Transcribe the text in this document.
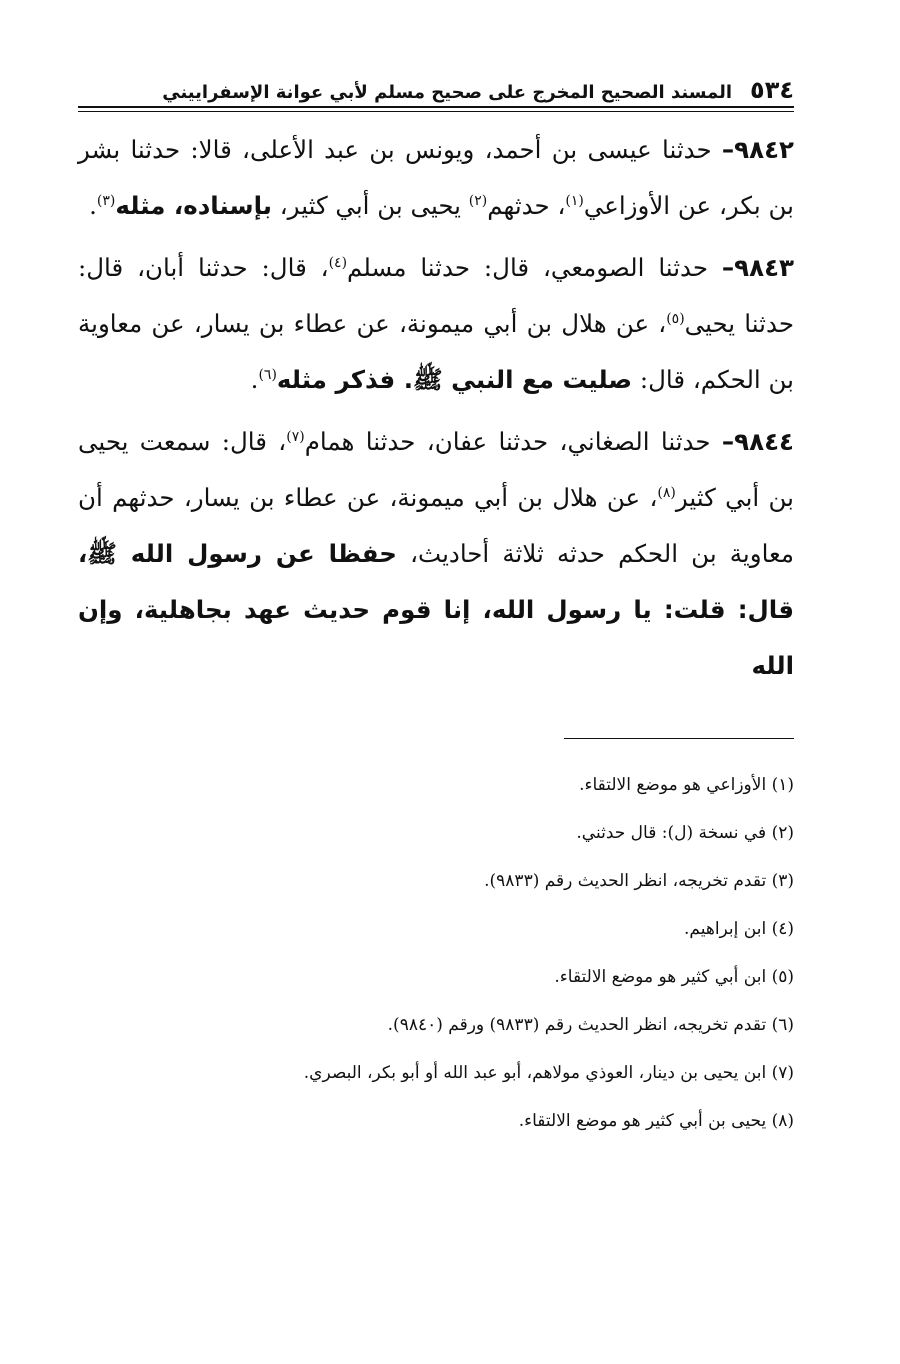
٥٣٤
المسند الصحيح المخرج على صحيح مسلم لأبي عوانة الإسفراييني

٩٨٤٢– حدثنا عيسى بن أحمد، ويونس بن عبد الأعلى، قالا: حدثنا بشر بن بكر، عن الأوزاعي$^{(١)}$، حدثهم$^{(٢)}$ يحيى بن أبي كثير، بإسناده، مثله$^{(٣)}$.

٩٨٤٣– حدثنا الصومعي، قال: حدثنا مسلم$^{(٤)}$، قال: حدثنا أبان، قال: حدثنا يحيى$^{(٥)}$، عن هلال بن أبي ميمونة، عن عطاء بن يسار، عن معاوية بن الحكم، قال: صليت مع النبي ﷺ. فذكر مثله$^{(٦)}$.

٩٨٤٤– حدثنا الصغاني، حدثنا عفان، حدثنا همام$^{(٧)}$، قال: سمعت يحيى بن أبي كثير$^{(٨)}$، عن هلال بن أبي ميمونة، عن عطاء بن يسار، حدثهم أن معاوية بن الحكم حدثه ثلاثة أحاديث، حفظا عن رسول الله ﷺ، قال: قلت: يا رسول الله، إنا قوم حديث عهد بجاهلية، وإن الله

(١) الأوزاعي هو موضع الالتقاء.
(٢) في نسخة (ل): قال حدثني.
(٣) تقدم تخريجه، انظر الحديث رقم (٩٨٣٣).
(٤) ابن إبراهيم.
(٥) ابن أبي كثير هو موضع الالتقاء.
(٦) تقدم تخريجه، انظر الحديث رقم (٩٨٣٣) ورقم (٩٨٤٠).
(٧) ابن يحيى بن دينار، العوذي مولاهم، أبو عبد الله أو أبو بكر، البصري.
(٨) يحيى بن أبي كثير هو موضع الالتقاء.
